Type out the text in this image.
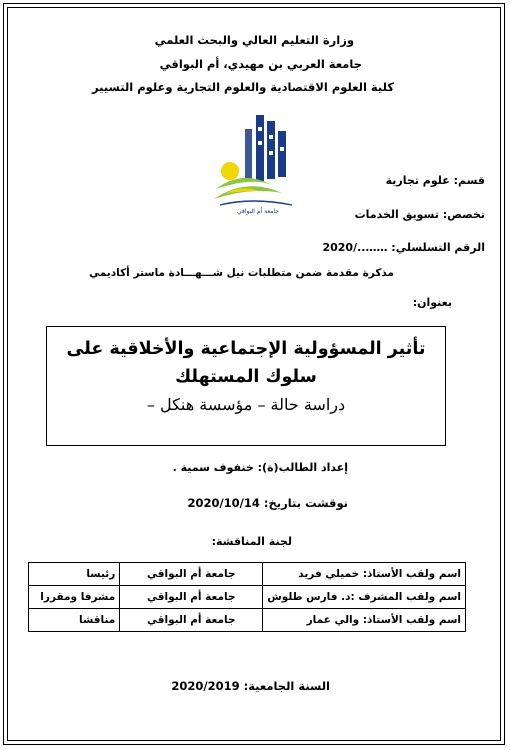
وزارة التعليم العالي والبحث العلمي
جامعة العربي بن مهيدي، أم البواقي
كلية العلوم الاقتصادية والعلوم التجارية وعلوم التسيير
جامعة أم البواقي
قسم: علوم تجارية
تخصص: تسويق الخدمات
الرقم التسلسلي: ……../2020
مذكرة مقدمة ضمن متطلبات نيل شـــهـــادة ماستر أكاديمي
بعنوان:
تأثير المسؤولية الإجتماعية والأخلاقية على سلوك المستهلك
دراسة حالة – مؤسسة هنكل –
إعداد الطالب(ة): خنفوف سمية .
نوقشت بتاريخ: 2020/10/14
لجنة المناقشة:
اسم ولقب الأستاذ: خميلي فريد	جامعة أم البواقي	رئيسا
اسم ولقب المشرف :د. فارس طلوش	جامعة أم البواقي	مشرفا ومقررا
اسم ولقب الأستاذ: والي عمار	جامعة أم البواقي	مناقشا
السنة الجامعية: 2020/2019
